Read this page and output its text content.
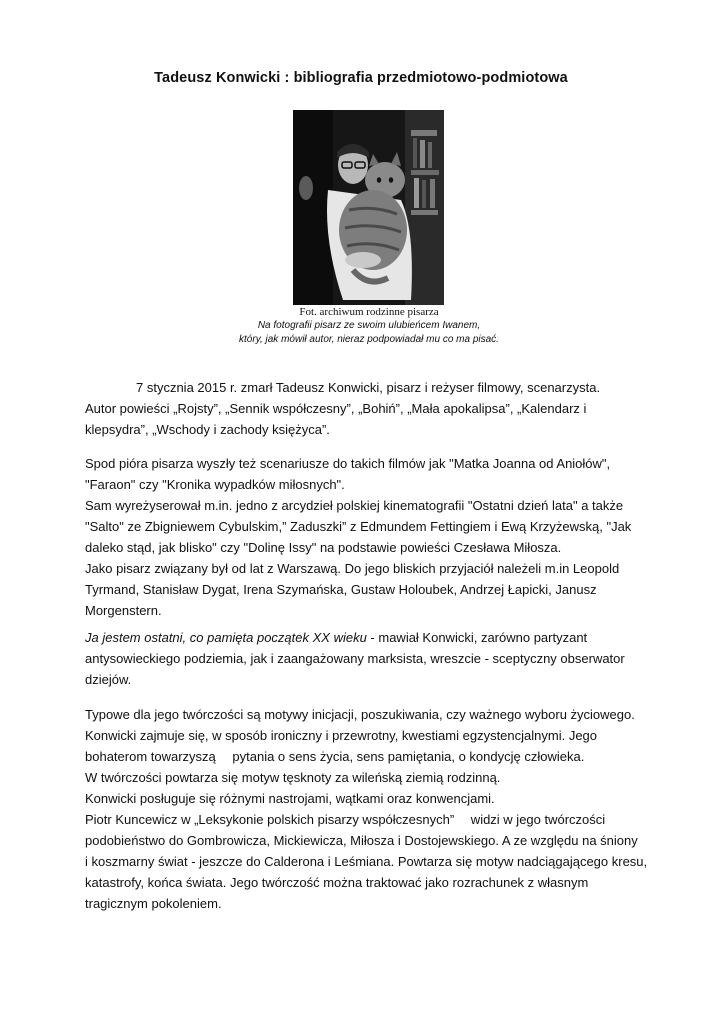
Tadeusz Konwicki : bibliografia przedmiotowo-podmiotowa
Fot. archiwum rodzinne pisarza
Na fotografii pisarz ze swoim ulubieńcem Iwanem,
który, jak mówił autor, nieraz podpowiadał mu co ma pisać.
7 stycznia 2015 r. zmarł Tadeusz Konwicki, pisarz i reżyser filmowy, scenarzysta.
Autor powieści „Rojsty”, „Sennik współczesny”, „Bohiń”, „Mała apokalipsa”, „Kalendarz i
klepsydra”, „Wschody i zachody księżyca”.
Spod pióra pisarza wyszły też scenariusze do takich filmów jak "Matka Joanna od Aniołów",
"Faraon" czy "Kronika wypadków miłosnych".
Sam wyreżyserował m.in. jedno z arcydzieł polskiej kinematografii "Ostatni dzień lata" a także
"Salto" ze Zbigniewem Cybulskim,” Zaduszki” z Edmundem Fettingiem i Ewą Krzyżewską, "Jak
daleko stąd, jak blisko" czy "Dolinę Issy" na podstawie powieści Czesława Miłosza.
Jako pisarz związany był od lat z Warszawą. Do jego bliskich przyjaciół należeli m.in Leopold
Tyrmand, Stanisław Dygat, Irena Szymańska, Gustaw Holoubek, Andrzej Łapicki, Janusz
Morgenstern.
Ja jestem ostatni, co pamięta początek XX wieku - mawiał Konwicki, zarówno partyzant
antysowieckiego podziemia, jak i zaangażowany marksista, wreszcie - sceptyczny obserwator
dziejów.
Typowe dla jego twórczości są motywy inicjacji, poszukiwania, czy ważnego wyboru życiowego.
Konwicki zajmuje się, w sposób ironiczny i przewrotny, kwestiami egzystencjalnymi. Jego
bohaterom towarzyszą  pytania o sens życia, sens pamiętania, o kondycję człowieka.
W twórczości powtarza się motyw tęsknoty za wileńską ziemią rodzinną.
Konwicki posługuje się różnymi nastrojami, wątkami oraz konwencjami.
Piotr Kuncewicz w „Leksykonie polskich pisarzy współczesnych”  widzi w jego twórczości
podobieństwo do Gombrowicza, Mickiewicza, Miłosza i Dostojewskiego. A ze względu na śniony
i koszmarny świat - jeszcze do Calderona i Leśmiana. Powtarza się motyw nadciągającego kresu,
katastrofy, końca świata. Jego twórczość można traktować jako rozrachunek z własnym
tragicznym pokoleniem.
